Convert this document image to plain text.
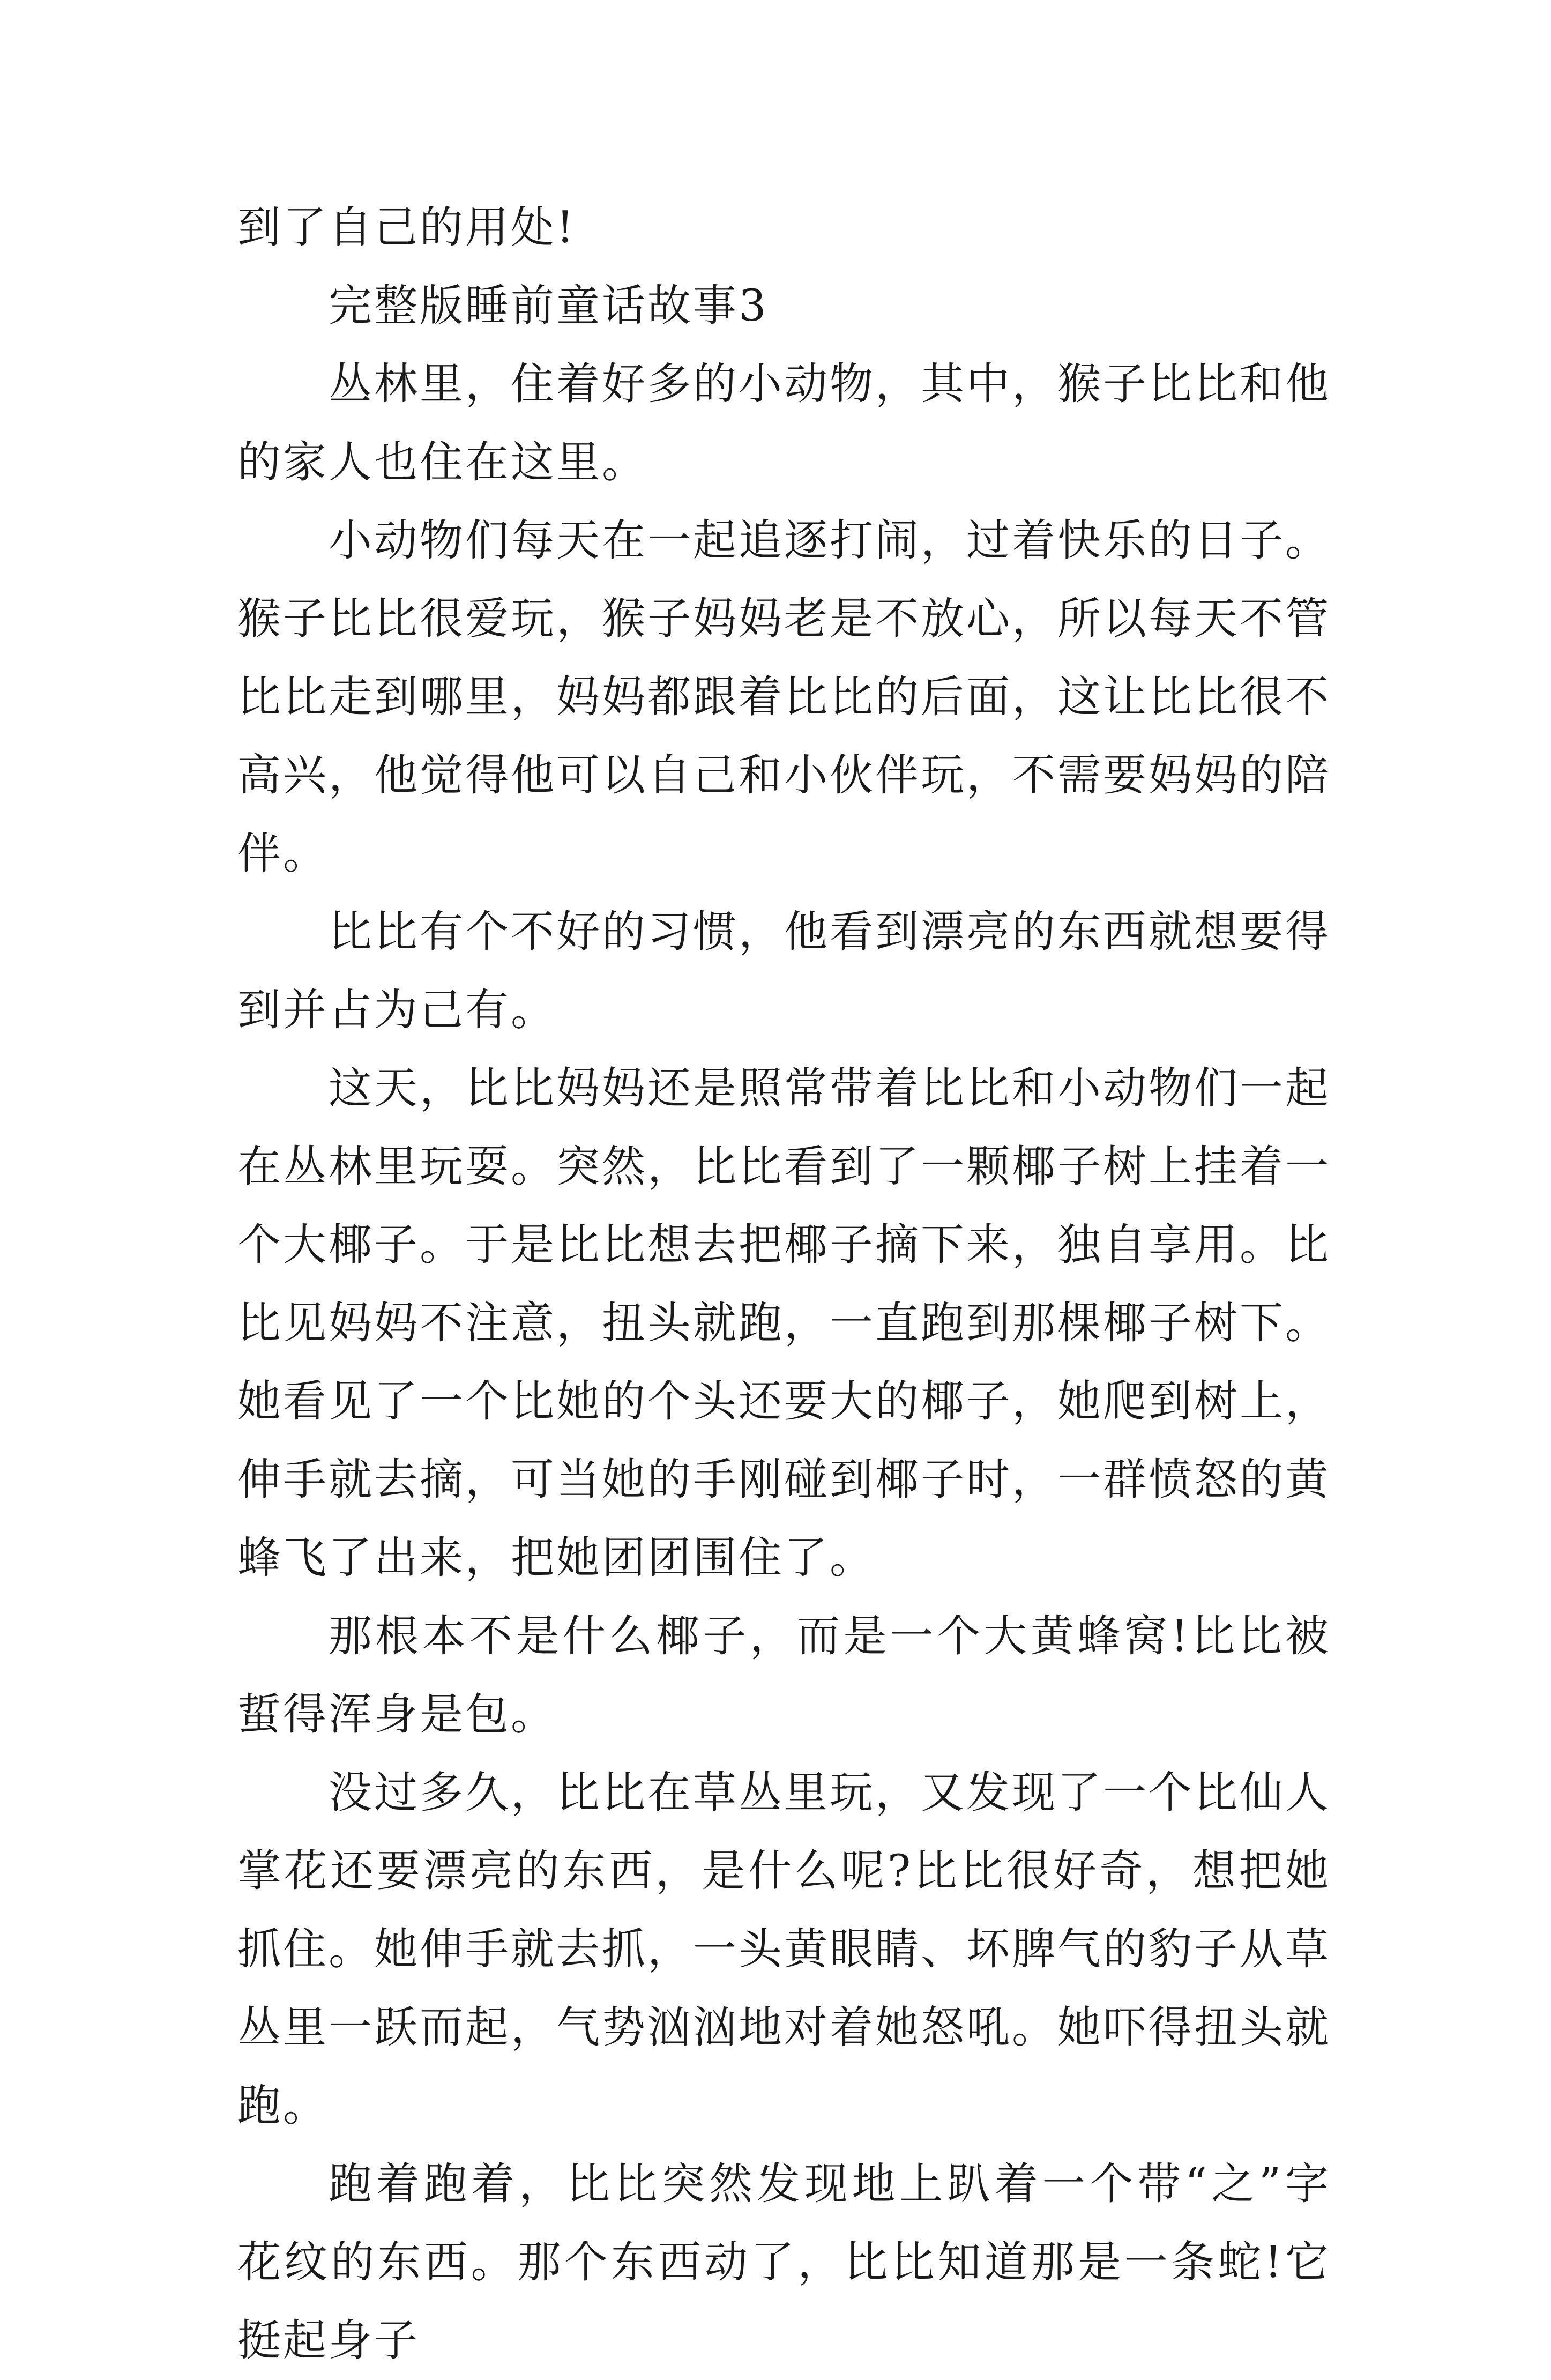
到了自己的用处!

完整版睡前童话故事3

丛林里，住着好多的小动物，其中，猴子比比和他的家人也住在这里。

小动物们每天在一起追逐打闹，过着快乐的日子。猴子比比很爱玩，猴子妈妈老是不放心，所以每天不管比比走到哪里，妈妈都跟着比比的后面，这让比比很不高兴，他觉得他可以自己和小伙伴玩，不需要妈妈的陪伴。

比比有个不好的习惯，他看到漂亮的东西就想要得到并占为己有。

这天，比比妈妈还是照常带着比比和小动物们一起在丛林里玩耍。突然，比比看到了一颗椰子树上挂着一个大椰子。于是比比想去把椰子摘下来，独自享用。比比见妈妈不注意，扭头就跑，一直跑到那棵椰子树下。她看见了一个比她的个头还要大的椰子，她爬到树上，伸手就去摘，可当她的手刚碰到椰子时，一群愤怒的黄蜂飞了出来，把她团团围住了。

那根本不是什么椰子，而是一个大黄蜂窝!比比被蜇得浑身是包。

没过多久，比比在草丛里玩，又发现了一个比仙人掌花还要漂亮的东西，是什么呢?比比很好奇，想把她抓住。她伸手就去抓，一头黄眼睛、坏脾气的豹子从草丛里一跃而起，气势汹汹地对着她怒吼。她吓得扭头就跑。

跑着跑着，比比突然发现地上趴着一个带“之”字花纹的东西。那个东西动了，比比知道那是一条蛇!它挺起身子
